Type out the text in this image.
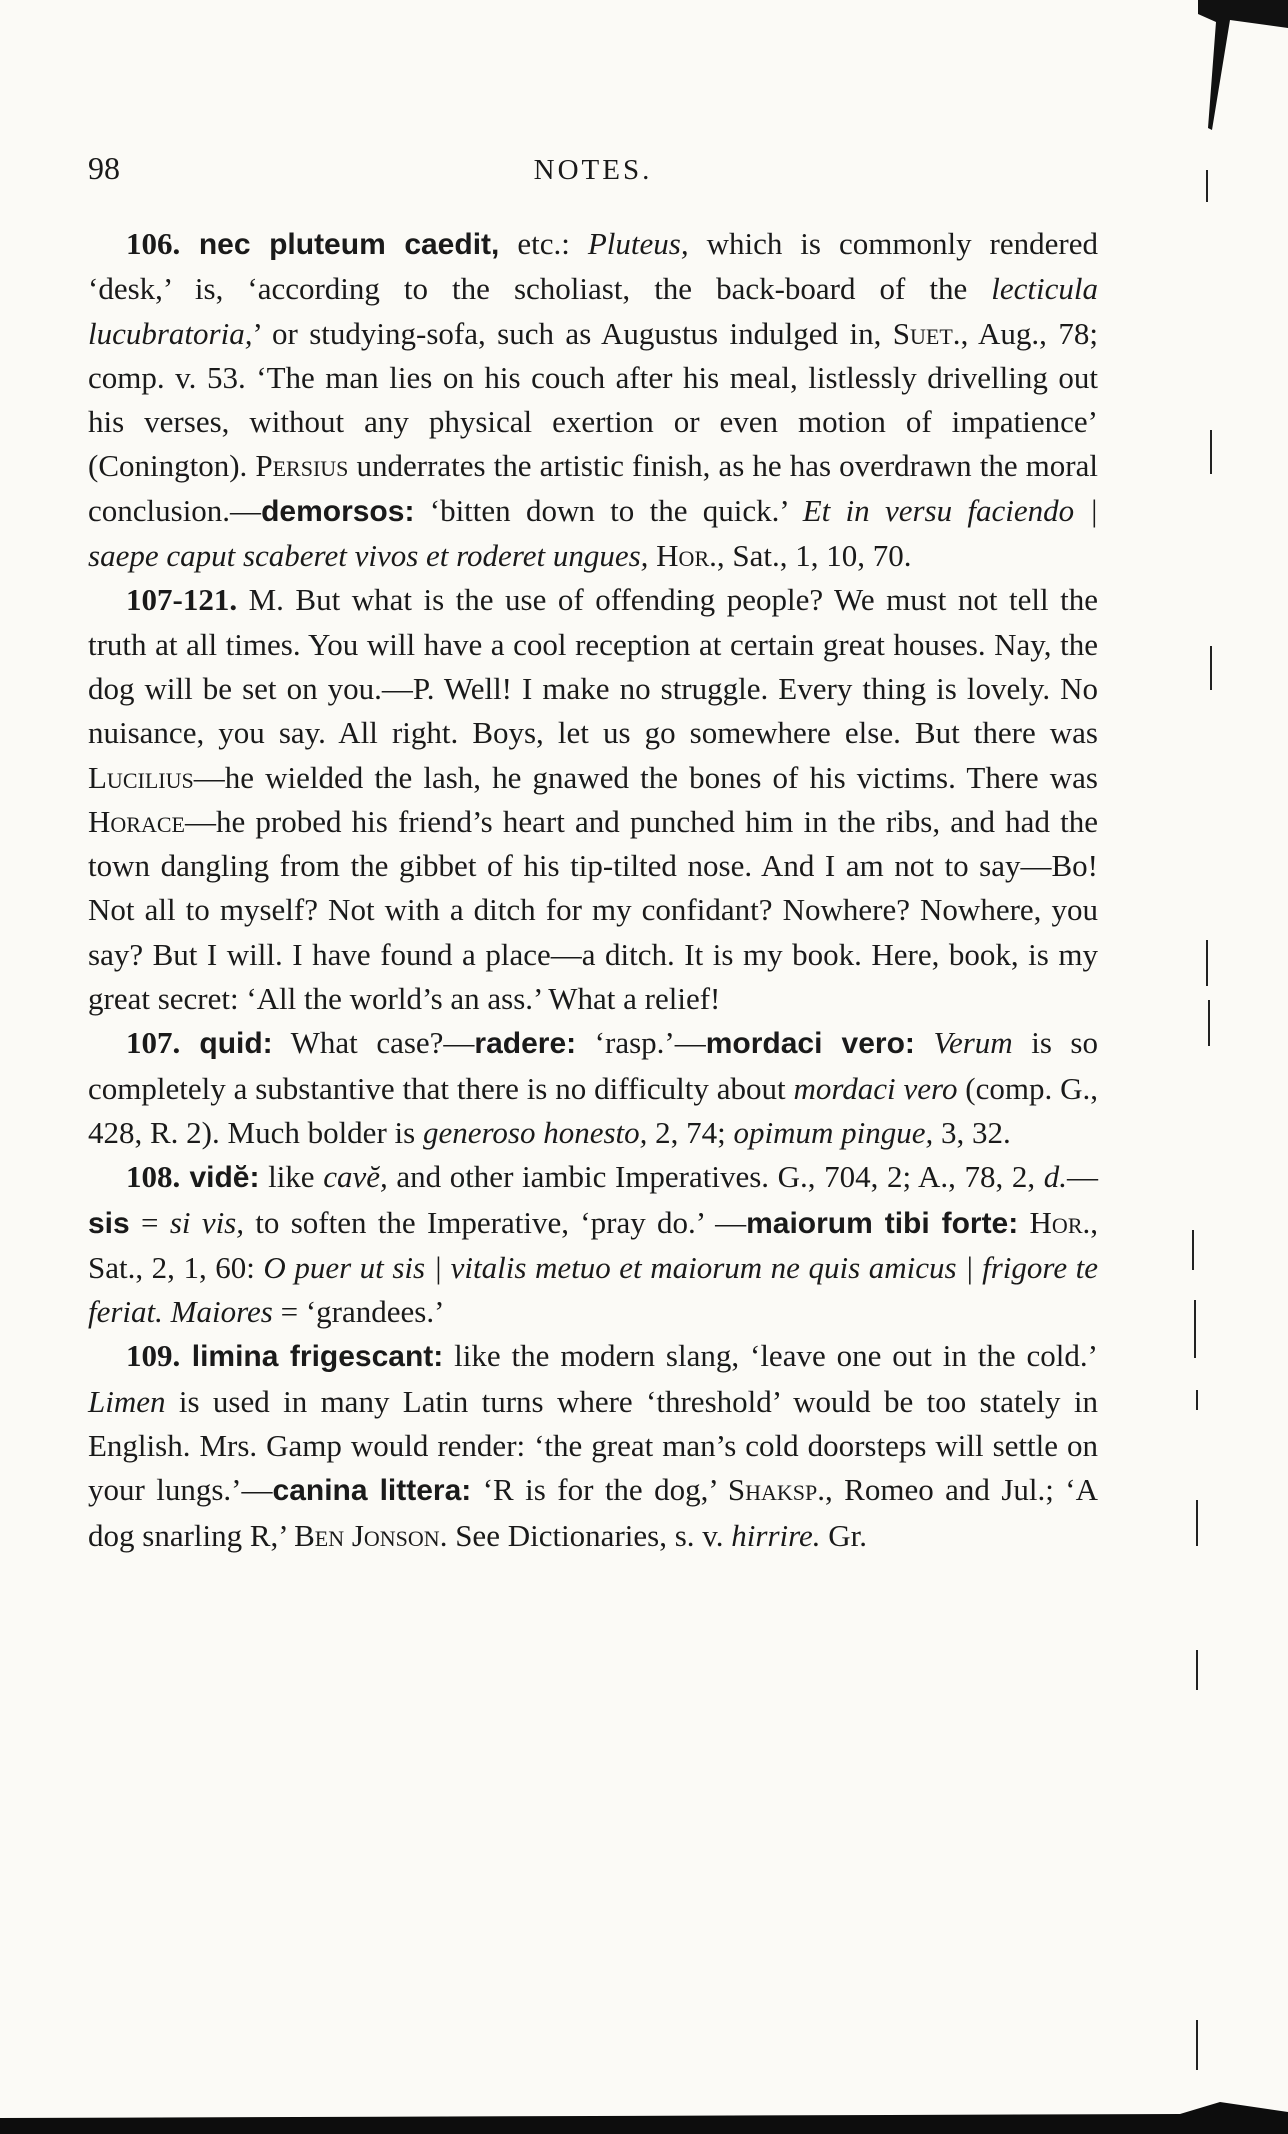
98	NOTES.

106. nec pluteum caedit, etc.: Pluteus, which is commonly rendered ‘desk,’ is, ‘according to the scholiast, the back-board of the lecticula lucubratoria,’ or studying-sofa, such as Augustus indulged in, Suet., Aug., 78; comp. v. 53. ‘The man lies on his couch after his meal, listlessly drivelling out his verses, without any physical exertion or even motion of impatience’ (Conington). Persius underrates the artistic finish, as he has overdrawn the moral conclusion.—demorsos: ‘bitten down to the quick.’ Et in versu faciendo | saepe caput scaberet vivos et roderet ungues, Hor., Sat., 1, 10, 70.

107-121. M. But what is the use of offending people? We must not tell the truth at all times. You will have a cool reception at certain great houses. Nay, the dog will be set on you.—P. Well! I make no struggle. Every thing is lovely. No nuisance, you say. All right. Boys, let us go somewhere else. But there was Lucilius—he wielded the lash, he gnawed the bones of his victims. There was Horace—he probed his friend’s heart and punched him in the ribs, and had the town dangling from the gibbet of his tip-tilted nose. And I am not to say—Bo! Not all to myself? Not with a ditch for my confidant? Nowhere? Nowhere, you say? But I will. I have found a place—a ditch. It is my book. Here, book, is my great secret: ‘All the world’s an ass.’ What a relief!

107. quid: What case?—radere: ‘rasp.’—mordaci vero: Verum is so completely a substantive that there is no difficulty about mordaci vero (comp. G., 428, R. 2). Much bolder is generoso honesto, 2, 74; opimum pingue, 3, 32.

108. vidĕ: like cavĕ, and other iambic Imperatives. G., 704, 2; A., 78, 2, d.—sis = si vis, to soften the Imperative, ‘pray do.’ —maiorum tibi forte: Hor., Sat., 2, 1, 60: O puer ut sis | vitalis metuo et maiorum ne quis amicus | frigore te feriat. Maiores = ‘grandees.’

109. limina frigescant: like the modern slang, ‘leave one out in the cold.’ Limen is used in many Latin turns where ‘threshold’ would be too stately in English. Mrs. Gamp would render: ‘the great man’s cold doorsteps will settle on your lungs.’—canina littera: ‘R is for the dog,’ Shaksp., Romeo and Jul.; ‘A dog snarling R,’ Ben Jonson. See Dictionaries, s. v. hirrire. Gr.
